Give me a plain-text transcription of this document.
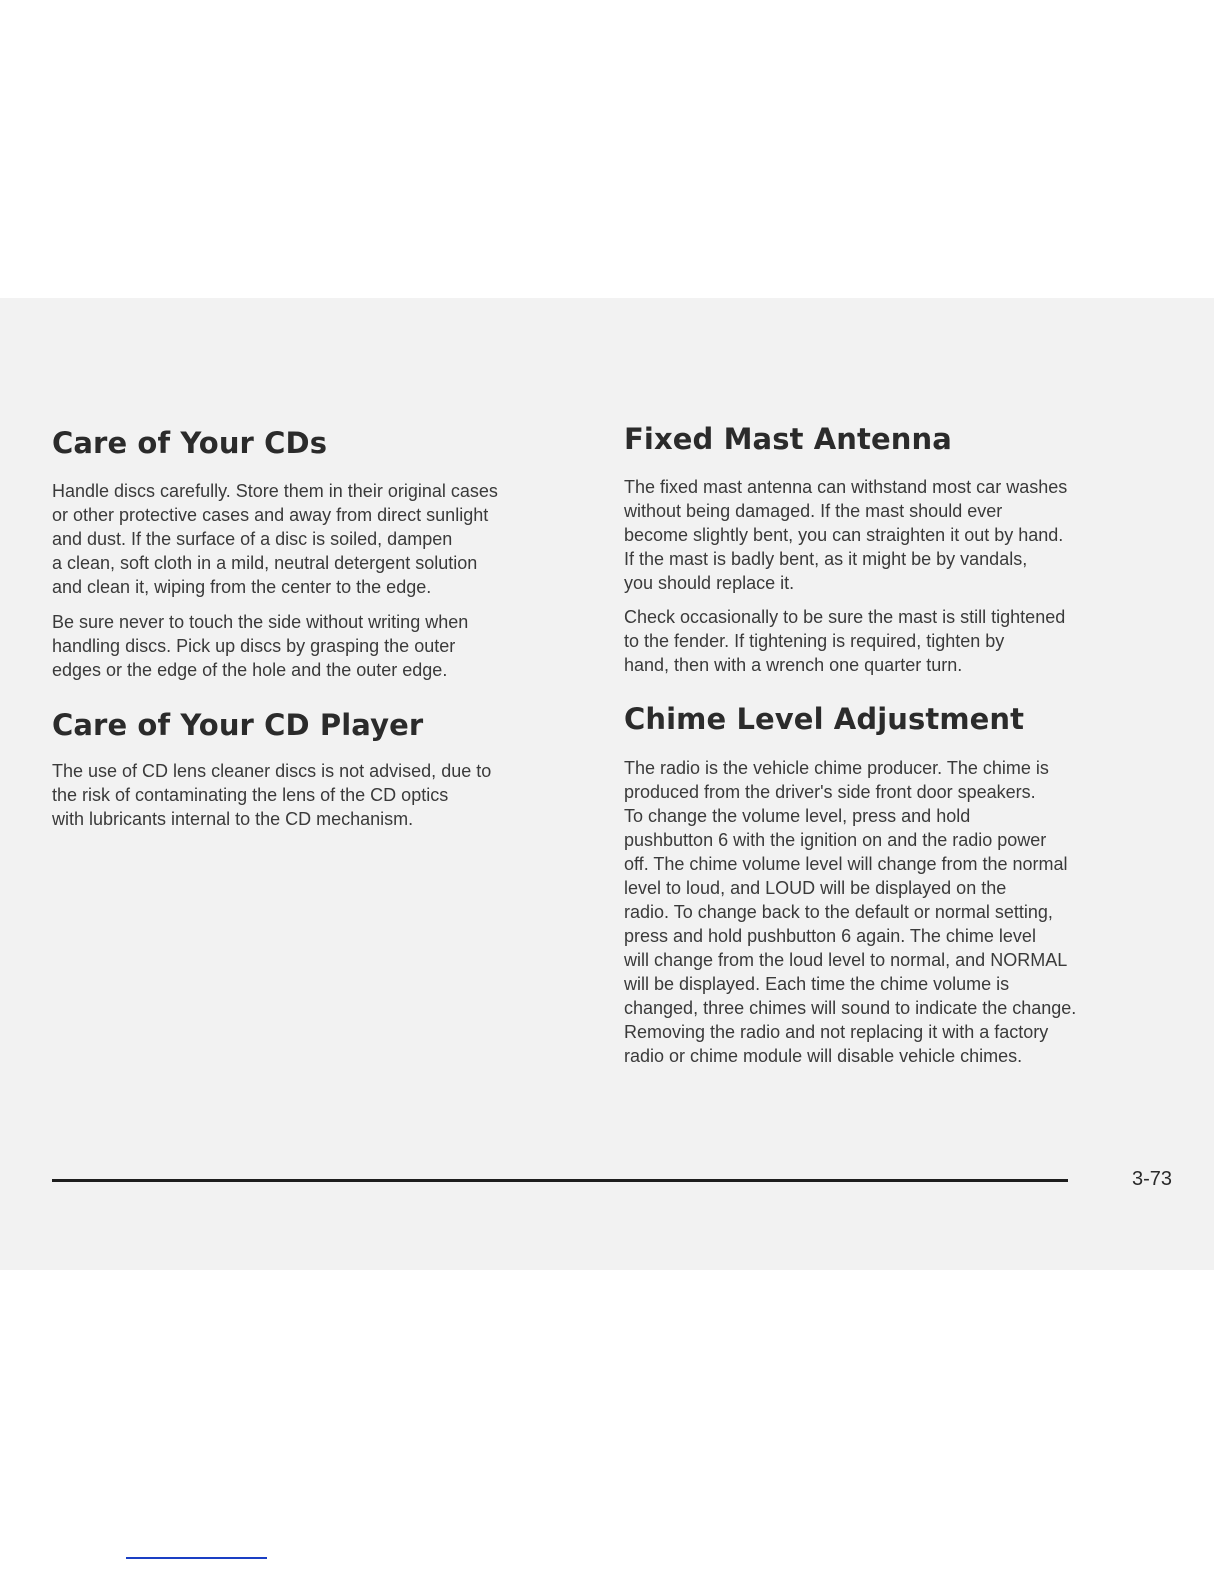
Care of Your CDs

Handle discs carefully. Store them in their original cases
or other protective cases and away from direct sunlight
and dust. If the surface of a disc is soiled, dampen
a clean, soft cloth in a mild, neutral detergent solution
and clean it, wiping from the center to the edge.

Be sure never to touch the side without writing when
handling discs. Pick up discs by grasping the outer
edges or the edge of the hole and the outer edge.

Care of Your CD Player

The use of CD lens cleaner discs is not advised, due to
the risk of contaminating the lens of the CD optics
with lubricants internal to the CD mechanism.

Fixed Mast Antenna

The fixed mast antenna can withstand most car washes
without being damaged. If the mast should ever
become slightly bent, you can straighten it out by hand.
If the mast is badly bent, as it might be by vandals,
you should replace it.

Check occasionally to be sure the mast is still tightened
to the fender. If tightening is required, tighten by
hand, then with a wrench one quarter turn.

Chime Level Adjustment

The radio is the vehicle chime producer. The chime is
produced from the driver's side front door speakers.
To change the volume level, press and hold
pushbutton 6 with the ignition on and the radio power
off. The chime volume level will change from the normal
level to loud, and LOUD will be displayed on the
radio. To change back to the default or normal setting,
press and hold pushbutton 6 again. The chime level
will change from the loud level to normal, and NORMAL
will be displayed. Each time the chime volume is
changed, three chimes will sound to indicate the change.
Removing the radio and not replacing it with a factory
radio or chime module will disable vehicle chimes.

3-73
